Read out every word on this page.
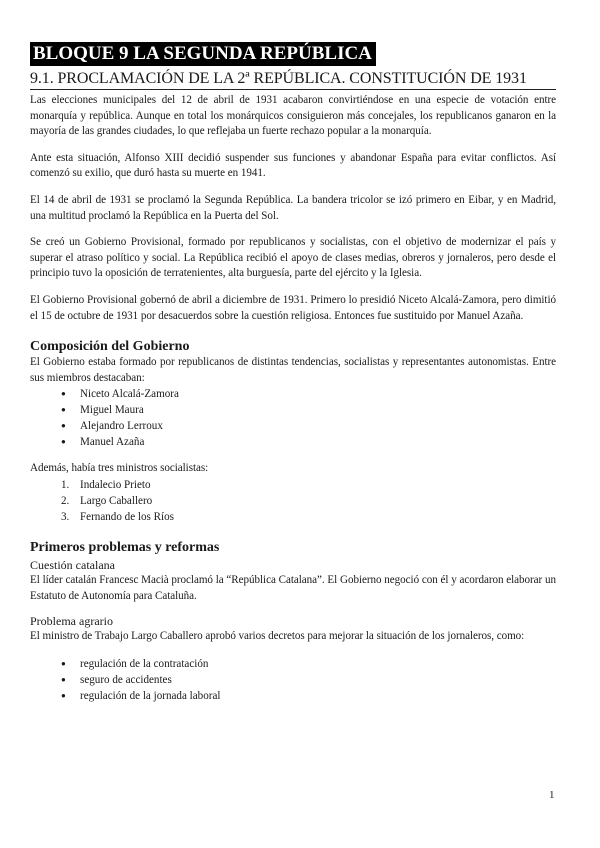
BLOQUE 9 LA SEGUNDA REPÚBLICA
9.1. PROCLAMACIÓN DE LA 2ª REPÚBLICA. CONSTITUCIÓN DE 1931

Las elecciones municipales del 12 de abril de 1931 acabaron convirtiéndose en una especie de votación entre monarquía y república. Aunque en total los monárquicos consiguieron más concejales, los republicanos ganaron en la mayoría de las grandes ciudades, lo que reflejaba un fuerte rechazo popular a la monarquía.

Ante esta situación, Alfonso XIII decidió suspender sus funciones y abandonar España para evitar conflictos. Así comenzó su exilio, que duró hasta su muerte en 1941.

El 14 de abril de 1931 se proclamó la Segunda República. La bandera tricolor se izó primero en Eibar, y en Madrid, una multitud proclamó la República en la Puerta del Sol.

Se creó un Gobierno Provisional, formado por republicanos y socialistas, con el objetivo de modernizar el país y superar el atraso político y social. La República recibió el apoyo de clases medias, obreros y jornaleros, pero desde el principio tuvo la oposición de terratenientes, alta burguesía, parte del ejército y la Iglesia.

El Gobierno Provisional gobernó de abril a diciembre de 1931. Primero lo presidió Niceto Alcalá-Zamora, pero dimitió el 15 de octubre de 1931 por desacuerdos sobre la cuestión religiosa. Entonces fue sustituido por Manuel Azaña.

Composición del Gobierno

El Gobierno estaba formado por republicanos de distintas tendencias, socialistas y representantes autonomistas. Entre sus miembros destacaban:

● Niceto Alcalá-Zamora
● Miguel Maura
● Alejandro Lerroux
● Manuel Azaña

Además, había tres ministros socialistas:

1. Indalecio Prieto
2. Largo Caballero
3. Fernando de los Ríos
Primeros problemas y reformas
Cuestión catalana

El líder catalán Francesc Macià proclamó la “República Catalana”. El Gobierno negoció con él y acordaron elaborar un Estatuto de Autonomía para Cataluña.

Problema agrario

El ministro de Trabajo Largo Caballero aprobó varios decretos para mejorar la situación de los jornaleros, como:

● regulación de la contratación
● seguro de accidentes
● regulación de la jornada laboral
1
